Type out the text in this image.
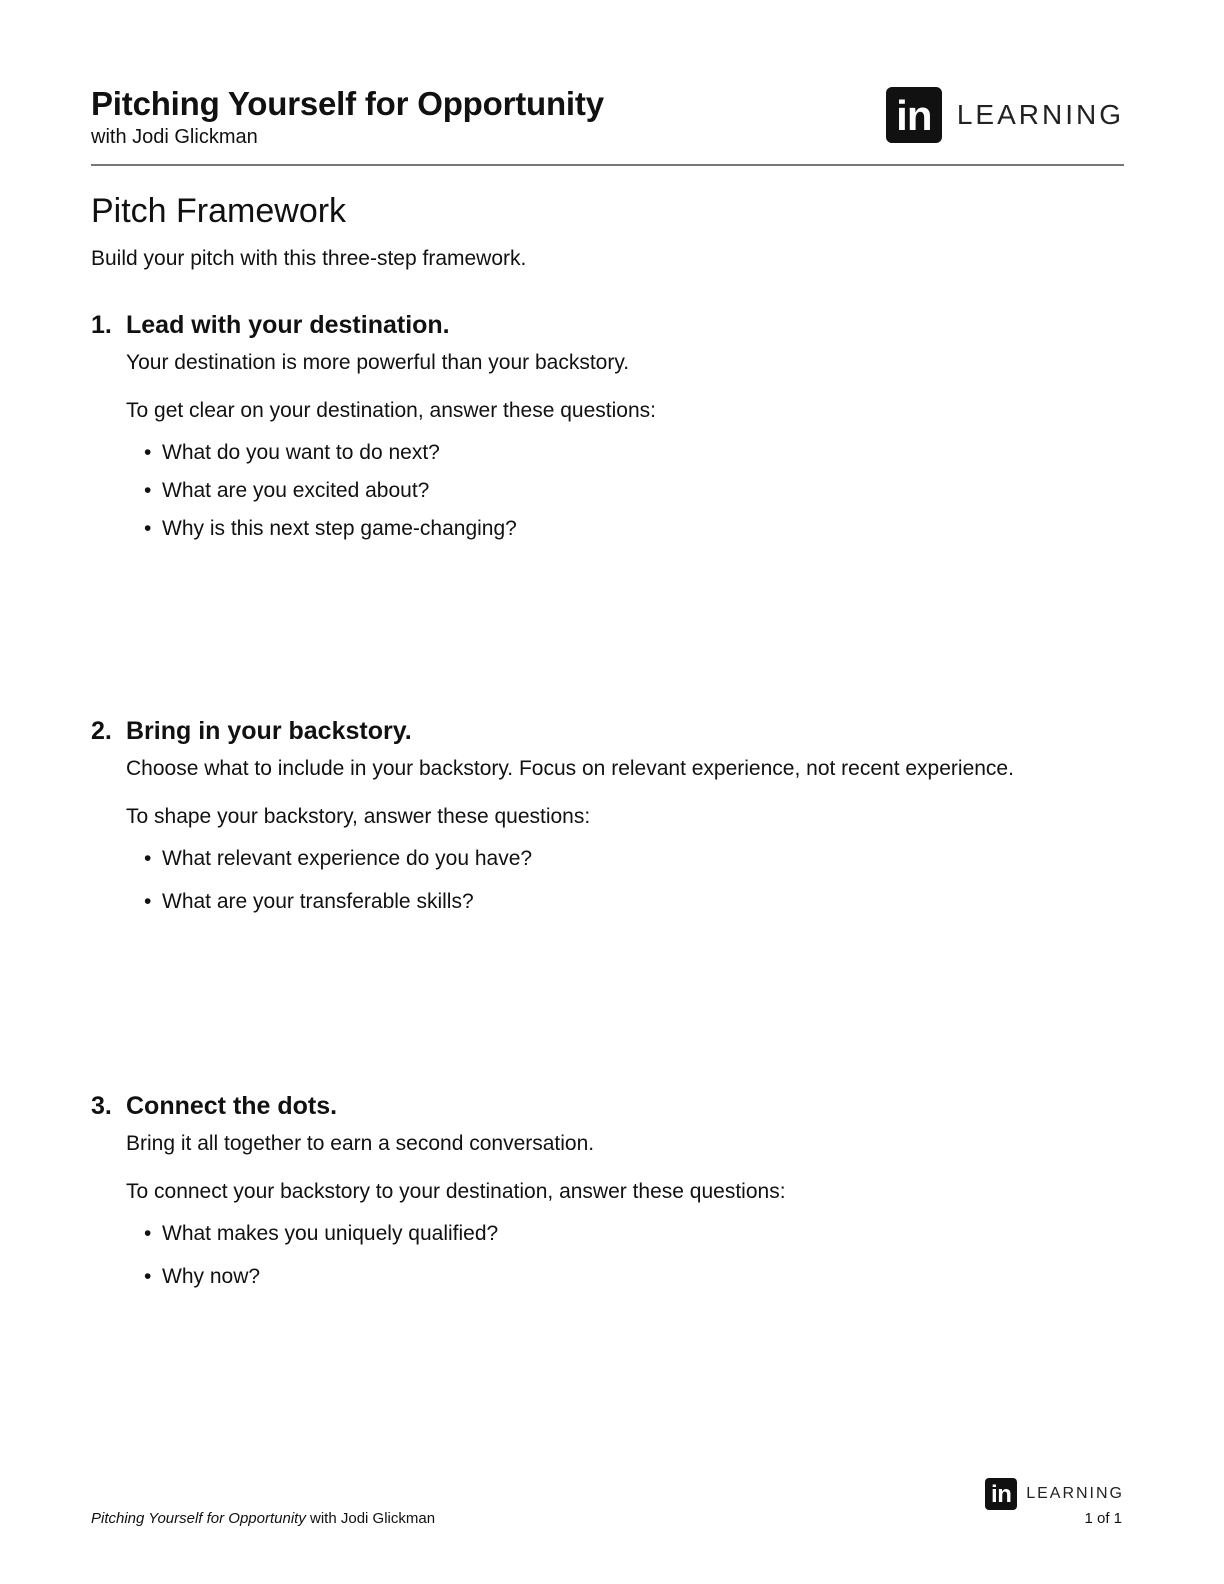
Pitching Yourself for Opportunity

with Jodi Glickman	in LEARNING
Pitch Framework

Build your pitch with this three-step framework.

1. Lead with your destination.

Your destination is more powerful than your backstory.

To get clear on your destination, answer these questions:

• What do you want to do next?
• What are you excited about?
• Why is this next step game-changing?
2. Bring in your backstory.

Choose what to include in your backstory. Focus on relevant experience, not recent experience.

To shape your backstory, answer these questions:

• What relevant experience do you have?
• What are your transferable skills?
3. Connect the dots.

Bring it all together to earn a second conversation.

To connect your backstory to your destination, answer these questions:

• What makes you uniquely qualified?
• Why now?
Pitching Yourself for Opportunity with Jodi Glickman
in LEARNING
1 of 1
